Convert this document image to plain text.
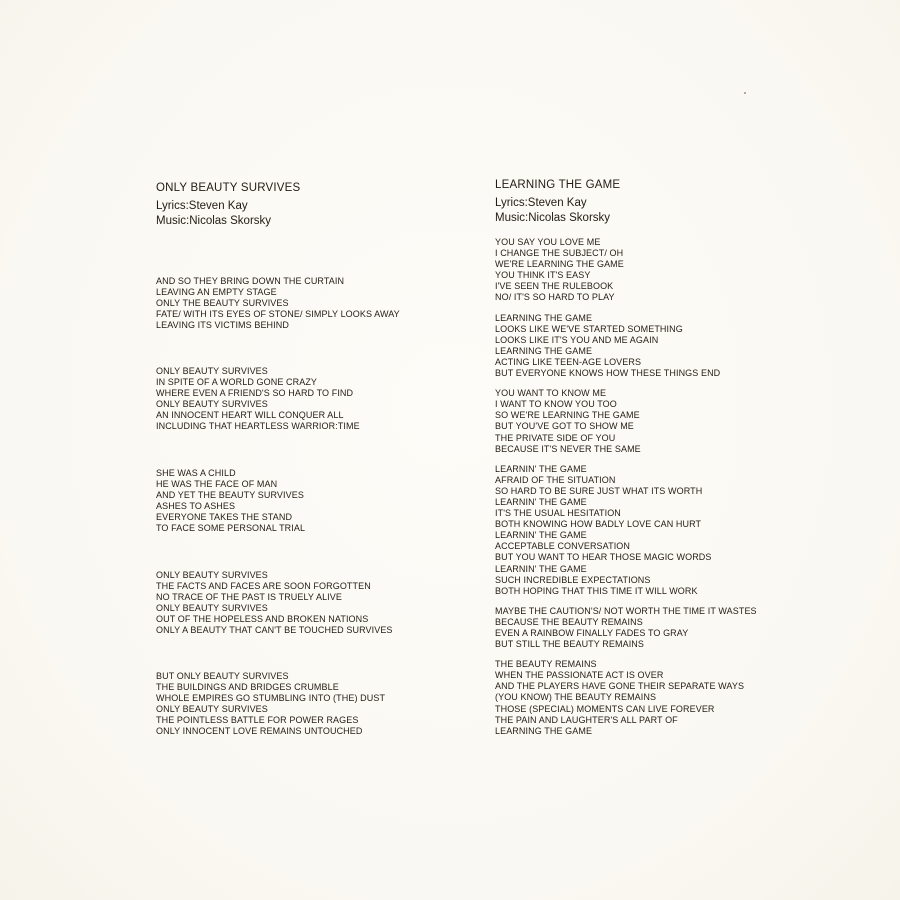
ONLY BEAUTY SURVIVES

Lyrics:Steven Kay

Music:Nicolas Skorsky

AND SO THEY BRING DOWN THE CURTAIN
LEAVING AN EMPTY STAGE
ONLY THE BEAUTY SURVIVES
FATE/ WITH ITS EYES OF STONE/ SIMPLY LOOKS AWAY
LEAVING ITS VICTIMS BEHIND
ONLY BEAUTY SURVIVES
IN SPITE OF A WORLD GONE CRAZY
WHERE EVEN A FRIEND'S SO HARD TO FIND
ONLY BEAUTY SURVIVES
AN INNOCENT HEART WILL CONQUER ALL
INCLUDING THAT HEARTLESS WARRIOR:TIME
SHE WAS A CHILD
HE WAS THE FACE OF MAN
AND YET THE BEAUTY SURVIVES
ASHES TO ASHES
EVERYONE TAKES THE STAND
TO FACE SOME PERSONAL TRIAL
ONLY BEAUTY SURVIVES
THE FACTS AND FACES ARE SOON FORGOTTEN
NO TRACE OF THE PAST IS TRUELY ALIVE
ONLY BEAUTY SURVIVES
OUT OF THE HOPELESS AND BROKEN NATIONS
ONLY A BEAUTY THAT CAN'T BE TOUCHED SURVIVES
BUT ONLY BEAUTY SURVIVES
THE BUILDINGS AND BRIDGES CRUMBLE
WHOLE EMPIRES GO STUMBLING INTO (THE) DUST
ONLY BEAUTY SURVIVES
THE POINTLESS BATTLE FOR POWER RAGES
ONLY INNOCENT LOVE REMAINS UNTOUCHED
LEARNING THE GAME

Lyrics:Steven Kay

Music:Nicolas Skorsky

YOU SAY YOU LOVE ME
I CHANGE THE SUBJECT/ OH
WE'RE LEARNING THE GAME
YOU THINK IT'S EASY
I'VE SEEN THE RULEBOOK
NO/ IT'S SO HARD TO PLAY
LEARNING THE GAME
LOOKS LIKE WE'VE STARTED SOMETHING
LOOKS LIKE IT'S YOU AND ME AGAIN
LEARNING THE GAME
ACTING LIKE TEEN-AGE LOVERS
BUT EVERYONE KNOWS HOW THESE THINGS END
YOU WANT TO KNOW ME
I WANT TO KNOW YOU TOO
SO WE'RE LEARNING THE GAME
BUT YOU'VE GOT TO SHOW ME
THE PRIVATE SIDE OF YOU
BECAUSE IT'S NEVER THE SAME
LEARNIN' THE GAME
AFRAID OF THE SITUATION
SO HARD TO BE SURE JUST WHAT ITS WORTH
LEARNIN' THE GAME
IT'S THE USUAL HESITATION
BOTH KNOWING HOW BADLY LOVE CAN HURT
LEARNIN' THE GAME
ACCEPTABLE CONVERSATION
BUT YOU WANT TO HEAR THOSE MAGIC WORDS
LEARNIN' THE GAME
SUCH INCREDIBLE EXPECTATIONS
BOTH HOPING THAT THIS TIME IT WILL WORK
MAYBE THE CAUTION'S/ NOT WORTH THE TIME IT WASTES
BECAUSE THE BEAUTY REMAINS
EVEN A RAINBOW FINALLY FADES TO GRAY
BUT STILL THE BEAUTY REMAINS
THE BEAUTY REMAINS
WHEN THE PASSIONATE ACT IS OVER
AND THE PLAYERS HAVE GONE THEIR SEPARATE WAYS
(YOU KNOW) THE BEAUTY REMAINS
THOSE (SPECIAL) MOMENTS CAN LIVE FOREVER
THE PAIN AND LAUGHTER'S ALL PART OF
LEARNING THE GAME
